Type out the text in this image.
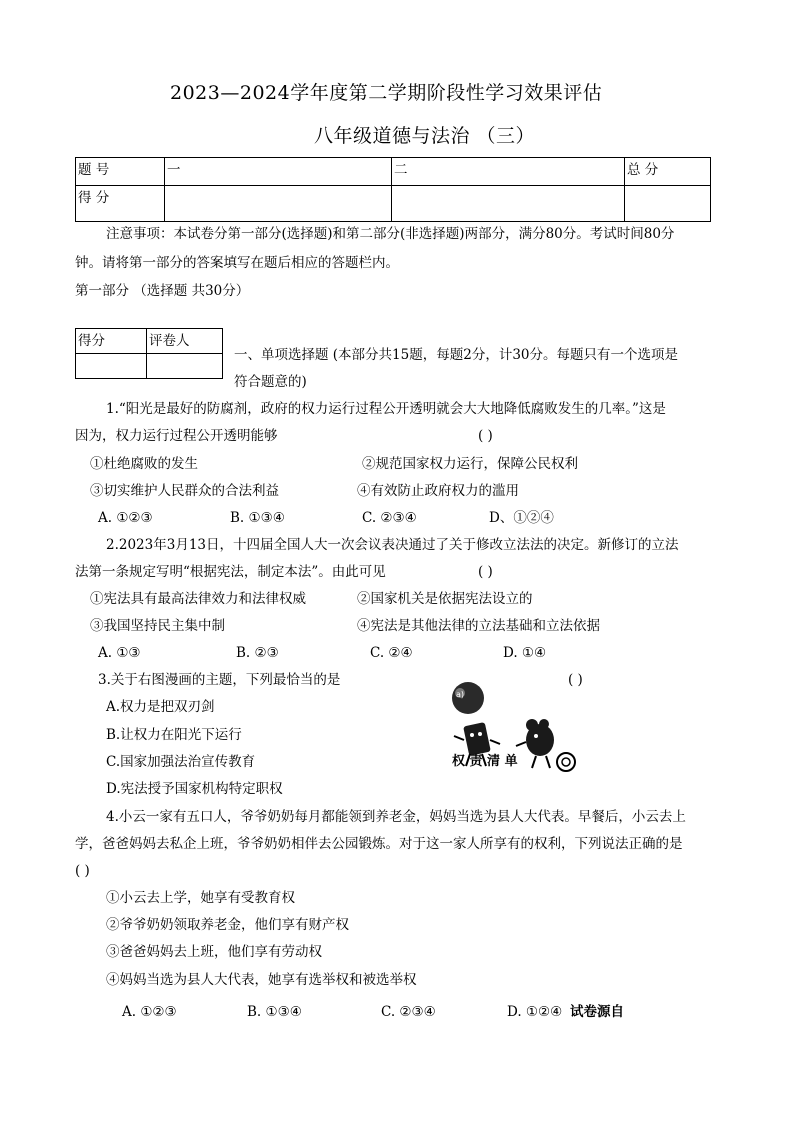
2023—2024学年度第二学期阶段性学习效果评估
八年级道德与法治 （三）
题 号	一	二	总 分
得 分			
注意事项：本试卷分第一部分(选择题)和第二部分(非选择题)两部分，满分80分。考试时间80分
钟。请将第一部分的答案填写在题后相应的答题栏内。
第一部分 （选择题 共30分）
得分	评卷人

一、单项选择题 (本部分共15题，每题2分，计30分。每题只有一个选项是
符合题意的)
1.“阳光是最好的防腐剂，政府的权力运行过程公开透明就会大大地降低腐败发生的几率。”这是
因为，权力运行过程公开透明能够	( )
①杜绝腐败的发生	②规范国家权力运行，保障公民权利
③切实维护人民群众的合法利益	④有效防止政府权力的滥用
A. ①②③	B. ①③④	C. ②③④	D、①②④
2.2023年3月13日，十四届全国人大一次会议表决通过了关于修改立法法的决定。新修订的立法
法第一条规定写明“根据宪法，制定本法”。由此可见	( )
①宪法具有最高法律效力和法律权威	②国家机关是依据宪法设立的
③我国坚持民主集中制	④宪法是其他法律的立法基础和立法依据
A. ①③	B. ②③	C. ②④	D. ①④
3.关于右图漫画的主题，下列最恰当的是	( )
A.权力是把双刃剑
B.让权力在阳光下运行
C.国家加强法治宣传教育
D.宪法授予国家机构特定职权
a)
权 责 清 单
4.小云一家有五口人，爷爷奶奶每月都能领到养老金，妈妈当选为县人大代表。早餐后，小云去上
学，爸爸妈妈去私企上班，爷爷奶奶相伴去公园锻炼。对于这一家人所享有的权利，下列说法正确的是
( )
①小云去上学，她享有受教育权
②爷爷奶奶领取养老金，他们享有财产权
③爸爸妈妈去上班，他们享有劳动权
④妈妈当选为县人大代表，她享有选举权和被选举权
A. ①②③	B. ①③④	C. ②③④	D. ①②④ 试卷源自
